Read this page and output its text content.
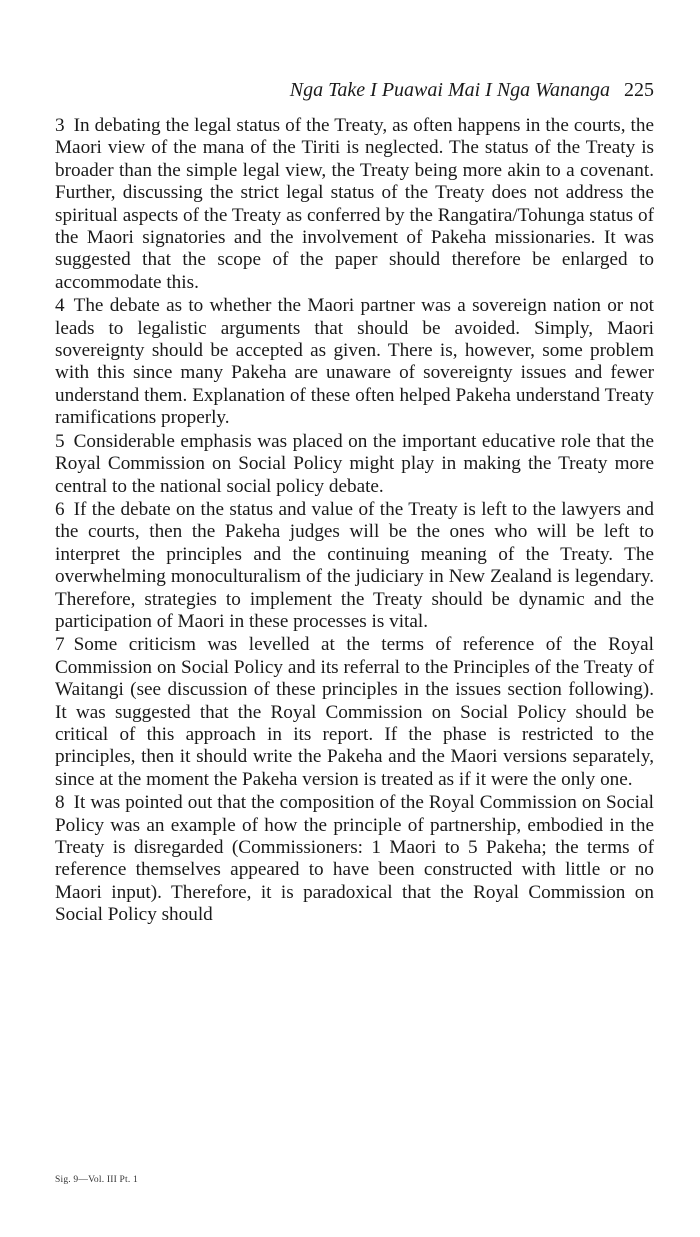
Nga Take I Puawai Mai I Nga Wananga 225

3 In debating the legal status of the Treaty, as often happens in the courts, the Maori view of the mana of the Tiriti is neglected. The status of the Treaty is broader than the simple legal view, the Treaty being more akin to a covenant. Further, discussing the strict legal status of the Treaty does not address the spiritual aspects of the Treaty as conferred by the Rangatira/Tohunga status of the Maori signatories and the involvement of Pakeha missionaries. It was suggested that the scope of the paper should therefore be enlarged to accommodate this.

4 The debate as to whether the Maori partner was a sovereign nation or not leads to legalistic arguments that should be avoided. Simply, Maori sovereignty should be accepted as given. There is, however, some problem with this since many Pakeha are unaware of sovereignty issues and fewer understand them. Explanation of these often helped Pakeha understand Treaty ramifications properly.

5 Considerable emphasis was placed on the important educative role that the Royal Commission on Social Policy might play in making the Treaty more central to the national social policy debate.

6 If the debate on the status and value of the Treaty is left to the lawyers and the courts, then the Pakeha judges will be the ones who will be left to interpret the principles and the continuing meaning of the Treaty. The overwhelming monoculturalism of the judiciary in New Zealand is legendary. Therefore, strategies to implement the Treaty should be dynamic and the participation of Maori in these processes is vital.

7 Some criticism was levelled at the terms of reference of the Royal Commission on Social Policy and its referral to the Principles of the Treaty of Waitangi (see discussion of these principles in the issues section following). It was suggested that the Royal Commission on Social Policy should be critical of this approach in its report. If the phase is restricted to the principles, then it should write the Pakeha and the Maori versions separately, since at the moment the Pakeha version is treated as if it were the only one.

8 It was pointed out that the composition of the Royal Commission on Social Policy was an example of how the principle of partnership, embodied in the Treaty is disregarded (Commissioners: 1 Maori to 5 Pakeha; the terms of reference themselves appeared to have been constructed with little or no Maori input). Therefore, it is paradoxical that the Royal Commission on Social Policy should

Sig. 9—Vol. III Pt. 1
